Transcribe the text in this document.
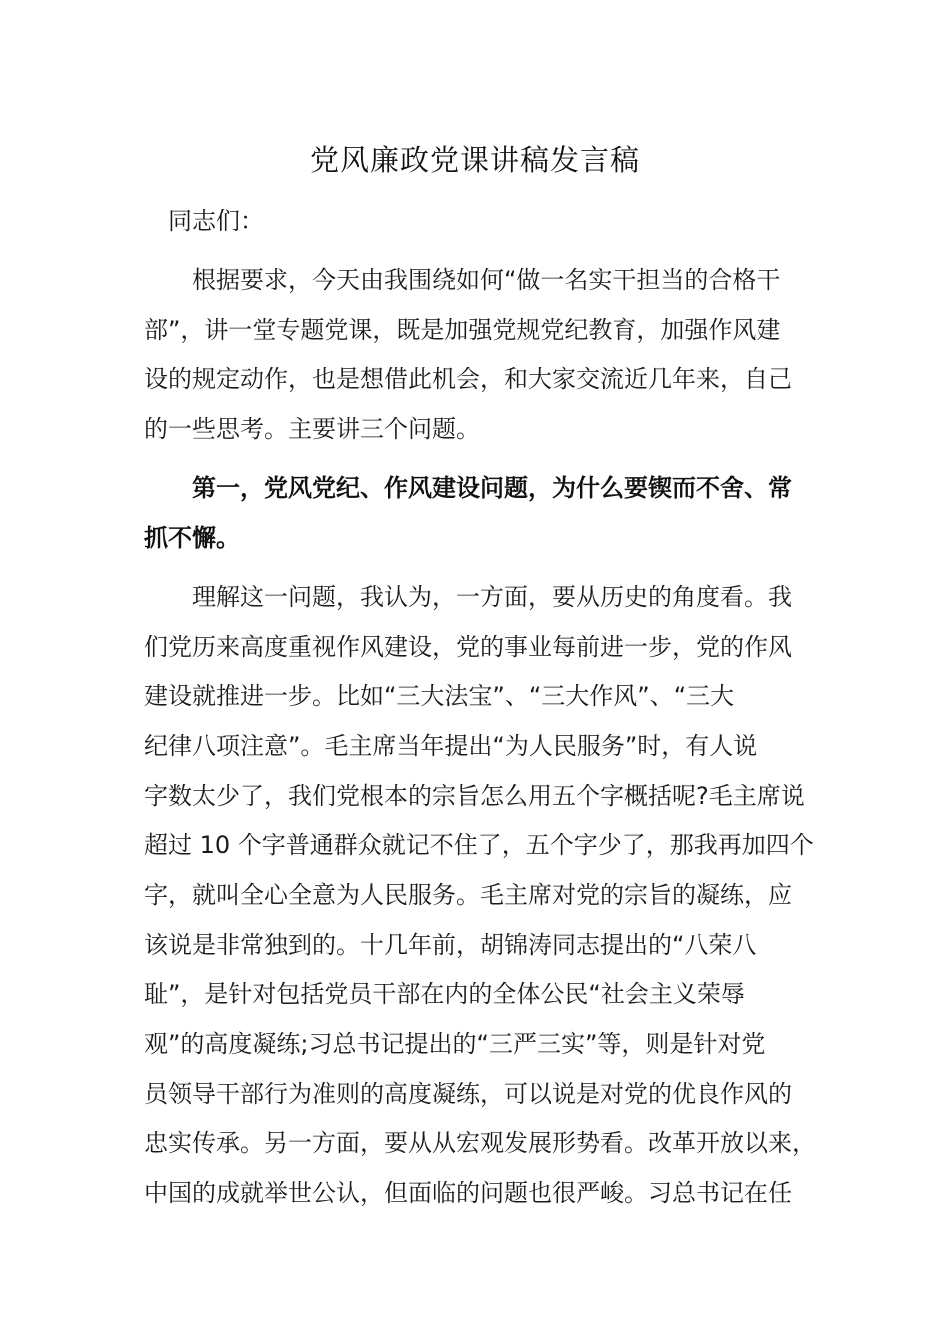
党风廉政党课讲稿发言稿
同志们：
根据要求，今天由我围绕如何“做一名实干担当的合格干
部”，讲一堂专题党课，既是加强党规党纪教育，加强作风建
设的规定动作，也是想借此机会，和大家交流近几年来，自己
的一些思考。主要讲三个问题。
第一，党风党纪、作风建设问题，为什么要锲而不舍、常
抓不懈。
理解这一问题，我认为，一方面，要从历史的角度看。我
们党历来高度重视作风建设，党的事业每前进一步，党的作风
建设就推进一步。比如“三大法宝”、“三大作风”、“三大
纪律八项注意”。毛主席当年提出“为人民服务”时，有人说
字数太少了，我们党根本的宗旨怎么用五个字概括呢?毛主席说
超过 10 个字普通群众就记不住了，五个字少了，那我再加四个
字，就叫全心全意为人民服务。毛主席对党的宗旨的凝练，应
该说是非常独到的。十几年前，胡锦涛同志提出的“八荣八
耻”，是针对包括党员干部在内的全体公民“社会主义荣辱
观”的高度凝练;习总书记提出的“三严三实”等，则是针对党
员领导干部行为准则的高度凝练，可以说是对党的优良作风的
忠实传承。另一方面，要从从宏观发展形势看。改革开放以来，
中国的成就举世公认，但面临的问题也很严峻。习总书记在任
